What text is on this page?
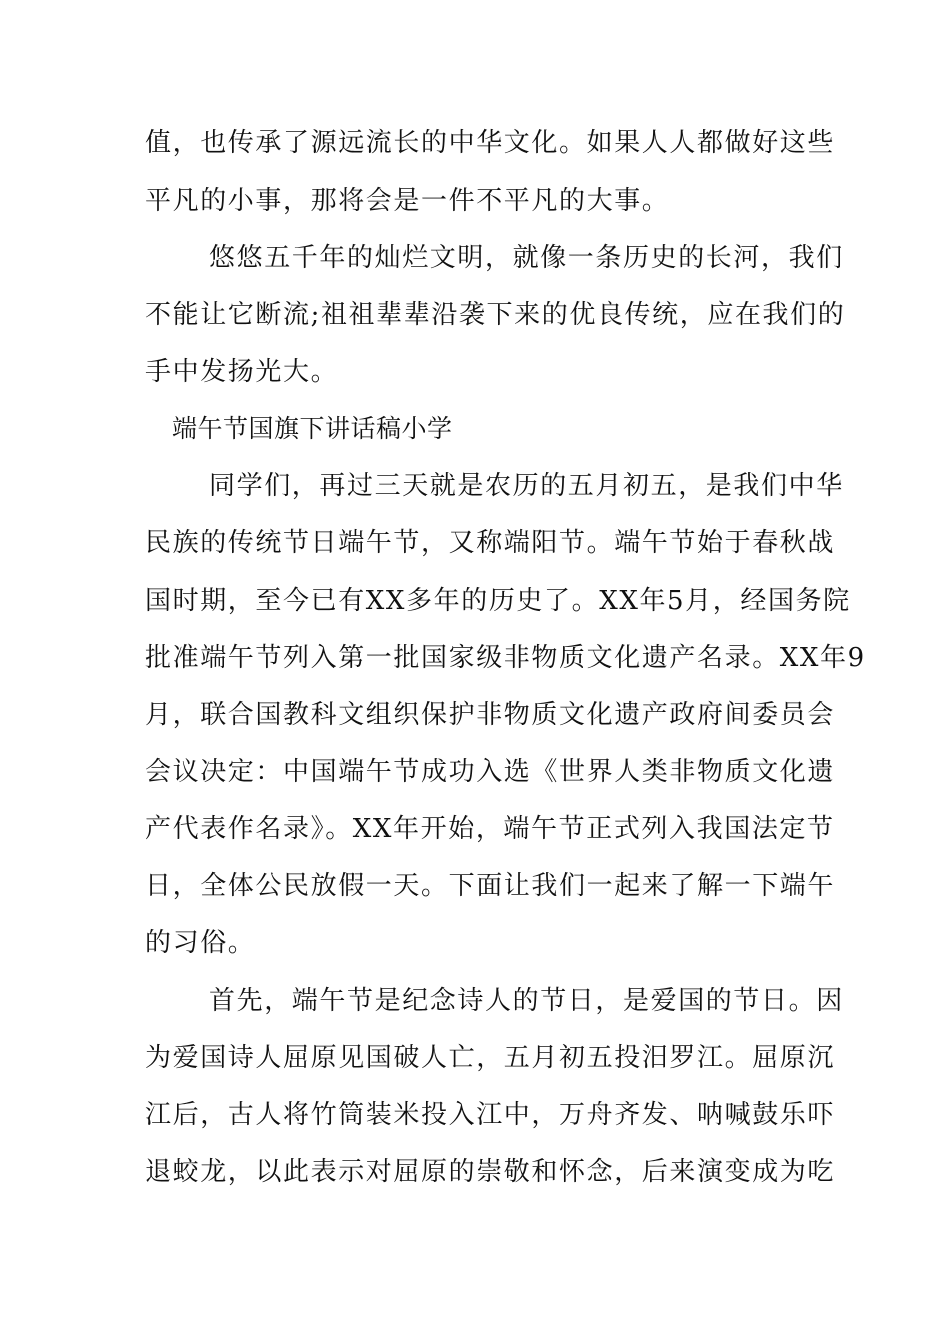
值，也传承了源远流长的中华文化。如果人人都做好这些
平凡的小事，那将会是一件不平凡的大事。
悠悠五千年的灿烂文明，就像一条历史的长河，我们
不能让它断流;祖祖辈辈沿袭下来的优良传统，应在我们的
手中发扬光大。
端午节国旗下讲话稿小学
同学们，再过三天就是农历的五月初五，是我们中华
民族的传统节日端午节，又称端阳节。端午节始于春秋战
国时期，至今已有XX多年的历史了。XX年5月，经国务院
批准端午节列入第一批国家级非物质文化遗产名录。XX年9
月，联合国教科文组织保护非物质文化遗产政府间委员会
会议决定：中国端午节成功入选《世界人类非物质文化遗
产代表作名录》。XX年开始，端午节正式列入我国法定节
日，全体公民放假一天。下面让我们一起来了解一下端午
的习俗。
首先，端午节是纪念诗人的节日，是爱国的节日。因
为爱国诗人屈原见国破人亡，五月初五投汨罗江。屈原沉
江后，古人将竹筒装米投入江中，万舟齐发、呐喊鼓乐吓
退蛟龙，以此表示对屈原的崇敬和怀念，后来演变成为吃
